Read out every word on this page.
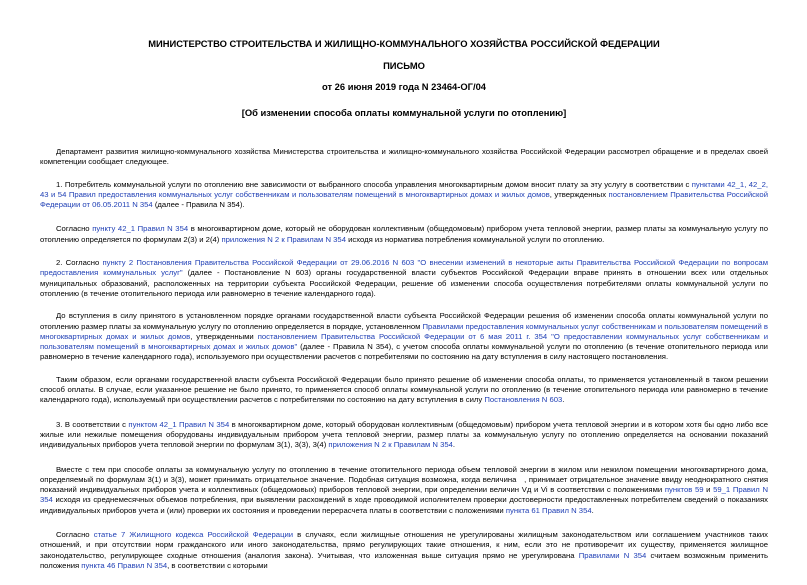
МИНИСТЕРСТВО СТРОИТЕЛЬСТВА И ЖИЛИЩНО-КОММУНАЛЬНОГО ХОЗЯЙСТВА РОССИЙСКОЙ ФЕДЕРАЦИИ
ПИСЬМО
от 26 июня 2019 года N 23464-ОГ/04
[Об изменении способа оплаты коммунальной услуги по отоплению]

Департамент развития жилищно-коммунального хозяйства Министерства строительства и жилищно-коммунального хозяйства Российской Федерации рассмотрел обращение и в пределах своей компетенции сообщает следующее.

1. Потребитель коммунальной услуги по отоплению вне зависимости от выбранного способа управления многоквартирным домом вносит плату за эту услугу в соответствии с пунктами 42_1, 42_2, 43 и 54 Правил предоставления коммунальных услуг собственникам и пользователям помещений в многоквартирных домах и жилых домов, утвержденных постановлением Правительства Российской Федерации от 06.05.2011 N 354 (далее - Правила N 354).

Согласно пункту 42_1 Правил N 354 в многоквартирном доме, который не оборудован коллективным (общедомовым) прибором учета тепловой энергии, размер платы за коммунальную услугу по отоплению определяется по формулам 2(3) и 2(4) приложения N 2 к Правилам N 354 исходя из норматива потребления коммунальной услуги по отоплению.

2. Согласно пункту 2 Постановления Правительства Российской Федерации от 29.06.2016 N 603 "О внесении изменений в некоторые акты Правительства Российской Федерации по вопросам предоставления коммунальных услуг" (далее - Постановление N 603) органы государственной власти субъектов Российской Федерации вправе принять в отношении всех или отдельных муниципальных образований, расположенных на территории субъекта Российской Федерации, решение об изменении способа осуществления потребителями оплаты коммунальной услуги по отоплению (в течение отопительного периода или равномерно в течение календарного года).

До вступления в силу принятого в установленном порядке органами государственной власти субъекта Российской Федерации решения об изменении способа оплаты коммунальной услуги по отоплению размер платы за коммунальную услугу по отоплению определяется в порядке, установленном Правилами предоставления коммунальных услуг собственникам и пользователям помещений в многоквартирных домах и жилых домов, утвержденными постановлением Правительства Российской Федерации от 6 мая 2011 г. 354 "О предоставлении коммунальных услуг собственникам и пользователям помещений в многоквартирных домах и жилых домов" (далее - Правила N 354), с учетом способа оплаты коммунальной услуги по отоплению (в течение отопительного периода или равномерно в течение календарного года), используемого при осуществлении расчетов с потребителями по состоянию на дату вступления в силу настоящего постановления.

Таким образом, если органами государственной власти субъекта Российской Федерации было принято решение об изменении способа оплаты, то применяется установленный в таком решении способ оплаты. В случае, если указанное решение не было принято, то применяется способ оплаты коммунальной услуги по отоплению (в течение отопительного периода или равномерно в течение календарного года), используемый при осуществлении расчетов с потребителями по состоянию на дату вступления в силу Постановления N 603.

3. В соответствии с пунктом 42_1 Правил N 354 в многоквартирном доме, который оборудован коллективным (общедомовым) прибором учета тепловой энергии и в котором хотя бы одно либо все жилые или нежилые помещения оборудованы индивидуальным прибором учета тепловой энергии, размер платы за коммунальную услугу по отоплению определяется на основании показаний индивидуальных приборов учета тепловой энергии по формулам 3(1), 3(3), 3(4) приложения N 2 к Правилам N 354.

Вместе с тем при способе оплаты за коммунальную услугу по отоплению в течение отопительного периода объем тепловой энергии в жилом или нежилом помещении многоквартирного дома, определяемый по формулам 3(1) и 3(3), может принимать отрицательное значение. Подобная ситуация возможна, когда величина   , принимает отрицательное значение ввиду неоднократного снятия показаний индивидуальных приборов учета и коллективных (общедомовых) приборов тепловой энергии, при определении величин Vд и Vi в соответствии с положениями пунктов 59 и 59_1 Правил N 354 исходя из среднемесячных объемов потребления, при выявлении расхождений в ходе проводимой исполнителем проверки достоверности предоставленных потребителем сведений о показаниях индивидуальных приборов учета и (или) проверки их состояния и проведении перерасчета платы в соответствии с положениями пункта 61 Правил N 354.

Согласно статье 7 Жилищного кодекса Российской Федерации в случаях, если жилищные отношения не урегулированы жилищным законодательством или соглашением участников таких отношений, и при отсутствии норм гражданского или иного законодательства, прямо регулирующих такие отношения, к ним, если это не противоречит их существу, применяется жилищное законодательство, регулирующее сходные отношения (аналогия закона). Учитывая, что изложенная выше ситуация прямо не урегулирована Правилами N 354 считаем возможным применить положения пункта 46 Правил N 354, в соответствии с которыми
